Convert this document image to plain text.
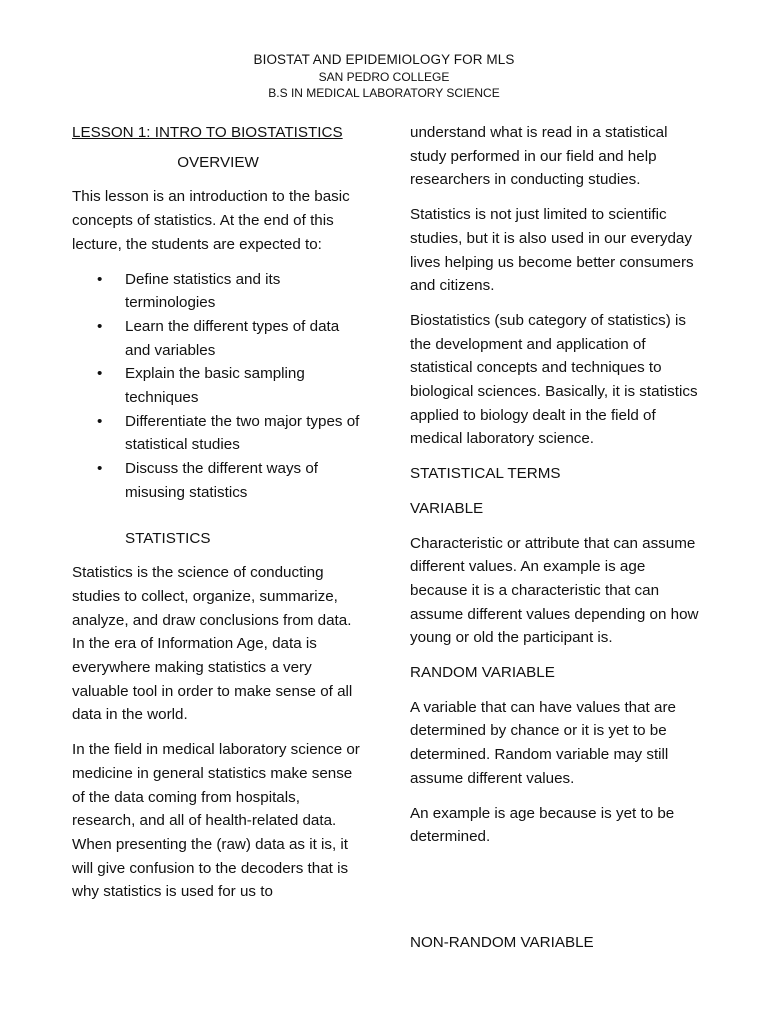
BIOSTAT AND EPIDEMIOLOGY FOR MLS
SAN PEDRO COLLEGE
B.S IN MEDICAL LABORATORY SCIENCE

LESSON 1: INTRO TO BIOSTATISTICS

OVERVIEW

This lesson is an introduction to the basic concepts of statistics. At the end of this lecture, the students are expected to:

• Define statistics and its terminologies
• Learn the different types of data and variables
• Explain the basic sampling techniques
• Differentiate the two major types of statistical studies
• Discuss the different ways of misusing statistics

STATISTICS

Statistics is the science of conducting studies to collect, organize, summarize, analyze, and draw conclusions from data. In the era of Information Age, data is everywhere making statistics a very valuable tool in order to make sense of all data in the world.

In the field in medical laboratory science or medicine in general statistics make sense of the data coming from hospitals, research, and all of health-related data. When presenting the (raw) data as it is, it will give confusion to the decoders that is why statistics is used for us to

understand what is read in a statistical study performed in our field and help researchers in conducting studies.

Statistics is not just limited to scientific studies, but it is also used in our everyday lives helping us become better consumers and citizens.

Biostatistics (sub category of statistics) is the development and application of statistical concepts and techniques to biological sciences. Basically, it is statistics applied to biology dealt in the field of medical laboratory science.

STATISTICAL TERMS

VARIABLE

Characteristic or attribute that can assume different values. An example is age because it is a characteristic that can assume different values depending on how young or old the participant is.

RANDOM VARIABLE

A variable that can have values that are determined by chance or it is yet to be determined. Random variable may still assume different values.

An example is age because is yet to be determined.

NON-RANDOM VARIABLE
